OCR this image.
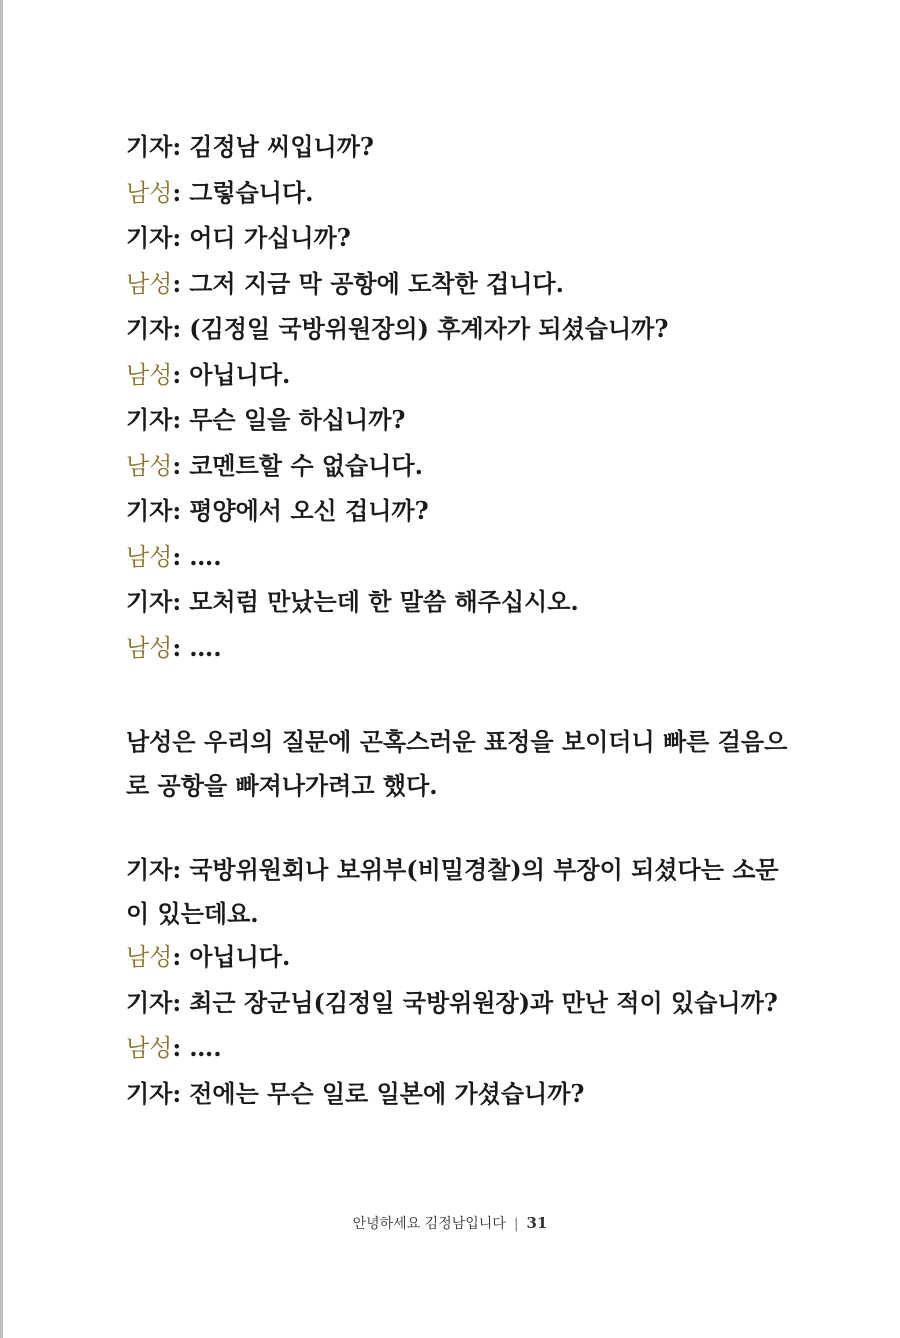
기자: 김정남 씨입니까?
남성: 그렇습니다.
기자: 어디 가십니까?
남성: 그저 지금 막 공항에 도착한 겁니다.
기자: (김정일 국방위원장의) 후계자가 되셨습니까?
남성: 아닙니다.
기자: 무슨 일을 하십니까?
남성: 코멘트할 수 없습니다.
기자: 평양에서 오신 겁니까?
남성: ….
기자: 모처럼 만났는데 한 말씀 해주십시오.
남성: ….

남성은 우리의 질문에 곤혹스러운 표정을 보이더니 빠른 걸음으로 공항을 빠져나가려고 했다.

기자: 국방위원회나 보위부(비밀경찰)의 부장이 되셨다는 소문이 있는데요.
남성: 아닙니다.
기자: 최근 장군님(김정일 국방위원장)과 만난 적이 있습니까?
남성: ….
기자: 전에는 무슨 일로 일본에 가셨습니까?
안녕하세요 김정남입니다 | 31
